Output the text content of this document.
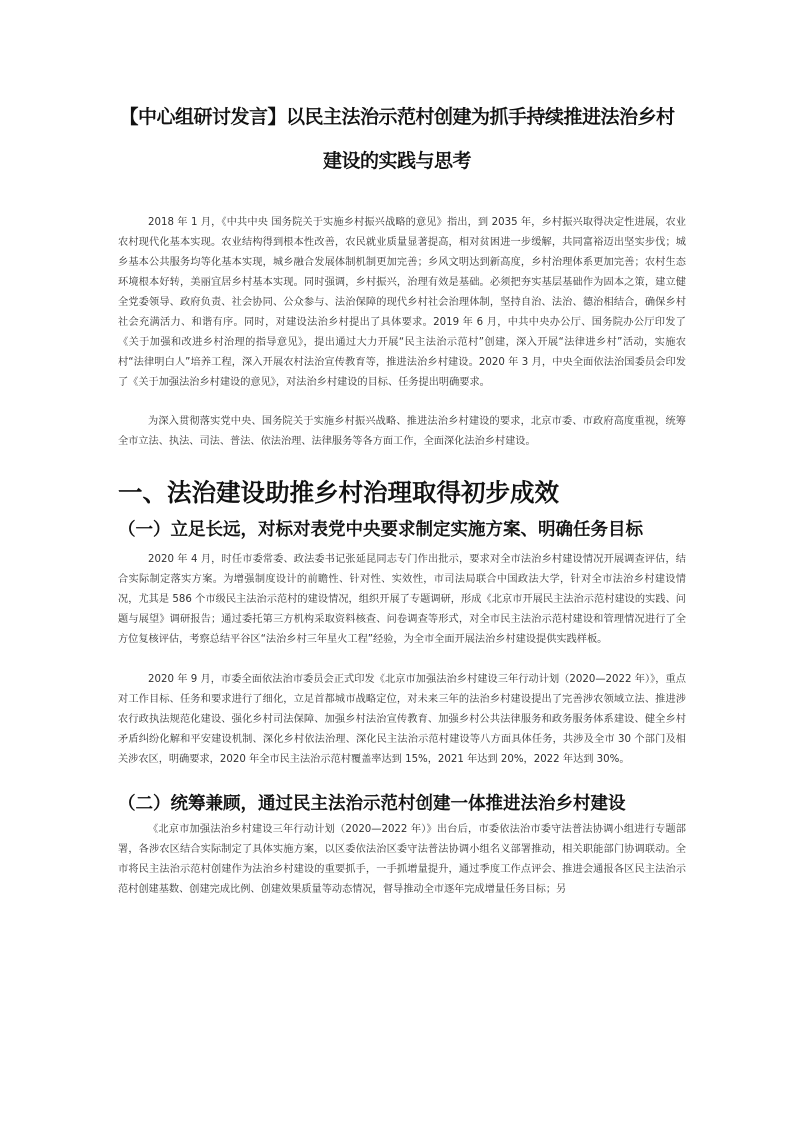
【中心组研讨发言】以民主法治示范村创建为抓手持续推进法治乡村
建设的实践与思考

2018 年 1 月，《中共中央 国务院关于实施乡村振兴战略的意见》指出，到 2035 年，乡村振兴取得决定性进展，农业农村现代化基本实现。农业结构得到根本性改善，农民就业质量显著提高，相对贫困进一步缓解，共同富裕迈出坚实步伐；城乡基本公共服务均等化基本实现，城乡融合发展体制机制更加完善；乡风文明达到新高度，乡村治理体系更加完善；农村生态环境根本好转，美丽宜居乡村基本实现。同时强调，乡村振兴，治理有效是基础。必须把夯实基层基础作为固本之策，建立健全党委领导、政府负责、社会协同、公众参与、法治保障的现代乡村社会治理体制，坚持自治、法治、德治相结合，确保乡村社会充满活力、和谐有序。同时，对建设法治乡村提出了具体要求。2019 年 6 月，中共中央办公厅、国务院办公厅印发了《关于加强和改进乡村治理的指导意见》，提出通过大力开展“民主法治示范村”创建，深入开展“法律进乡村”活动，实施农村“法律明白人”培养工程，深入开展农村法治宣传教育等，推进法治乡村建设。2020 年 3 月，中央全面依法治国委员会印发了《关于加强法治乡村建设的意见》，对法治乡村建设的目标、任务提出明确要求。

为深入贯彻落实党中央、国务院关于实施乡村振兴战略、推进法治乡村建设的要求，北京市委、市政府高度重视，统筹全市立法、执法、司法、普法、依法治理、法律服务等各方面工作，全面深化法治乡村建设。

一、法治建设助推乡村治理取得初步成效
（一）立足长远，对标对表党中央要求制定实施方案、明确任务目标

2020 年 4 月，时任市委常委、政法委书记张延昆同志专门作出批示，要求对全市法治乡村建设情况开展调查评估，结合实际制定落实方案。为增强制度设计的前瞻性、针对性、实效性，市司法局联合中国政法大学，针对全市法治乡村建设情况，尤其是 586 个市级民主法治示范村的建设情况，组织开展了专题调研，形成《北京市开展民主法治示范村建设的实践、问题与展望》调研报告；通过委托第三方机构采取资料核查、问卷调查等形式，对全市民主法治示范村建设和管理情况进行了全方位复核评估，考察总结平谷区“法治乡村三年星火工程”经验，为全市全面开展法治乡村建设提供实践样板。

2020 年 9 月，市委全面依法治市委员会正式印发《北京市加强法治乡村建设三年行动计划（2020—2022 年）》，重点对工作目标、任务和要求进行了细化，立足首都城市战略定位，对未来三年的法治乡村建设提出了完善涉农领域立法、推进涉农行政执法规范化建设、强化乡村司法保障、加强乡村法治宣传教育、加强乡村公共法律服务和政务服务体系建设、健全乡村矛盾纠纷化解和平安建设机制、深化乡村依法治理、深化民主法治示范村建设等八方面具体任务，共涉及全市 30 个部门及相关涉农区，明确要求，2020 年全市民主法治示范村覆盖率达到 15%，2021 年达到 20%，2022 年达到 30%。

（二）统筹兼顾，通过民主法治示范村创建一体推进法治乡村建设

《北京市加强法治乡村建设三年行动计划（2020—2022 年）》出台后，市委依法治市委守法普法协调小组进行专题部署，各涉农区结合实际制定了具体实施方案，以区委依法治区委守法普法协调小组名义部署推动，相关职能部门协调联动。全市将民主法治示范村创建作为法治乡村建设的重要抓手，一手抓增量提升，通过季度工作点评会、推进会通报各区民主法治示范村创建基数、创建完成比例、创建效果质量等动态情况，督导推动全市逐年完成增量任务目标；另
